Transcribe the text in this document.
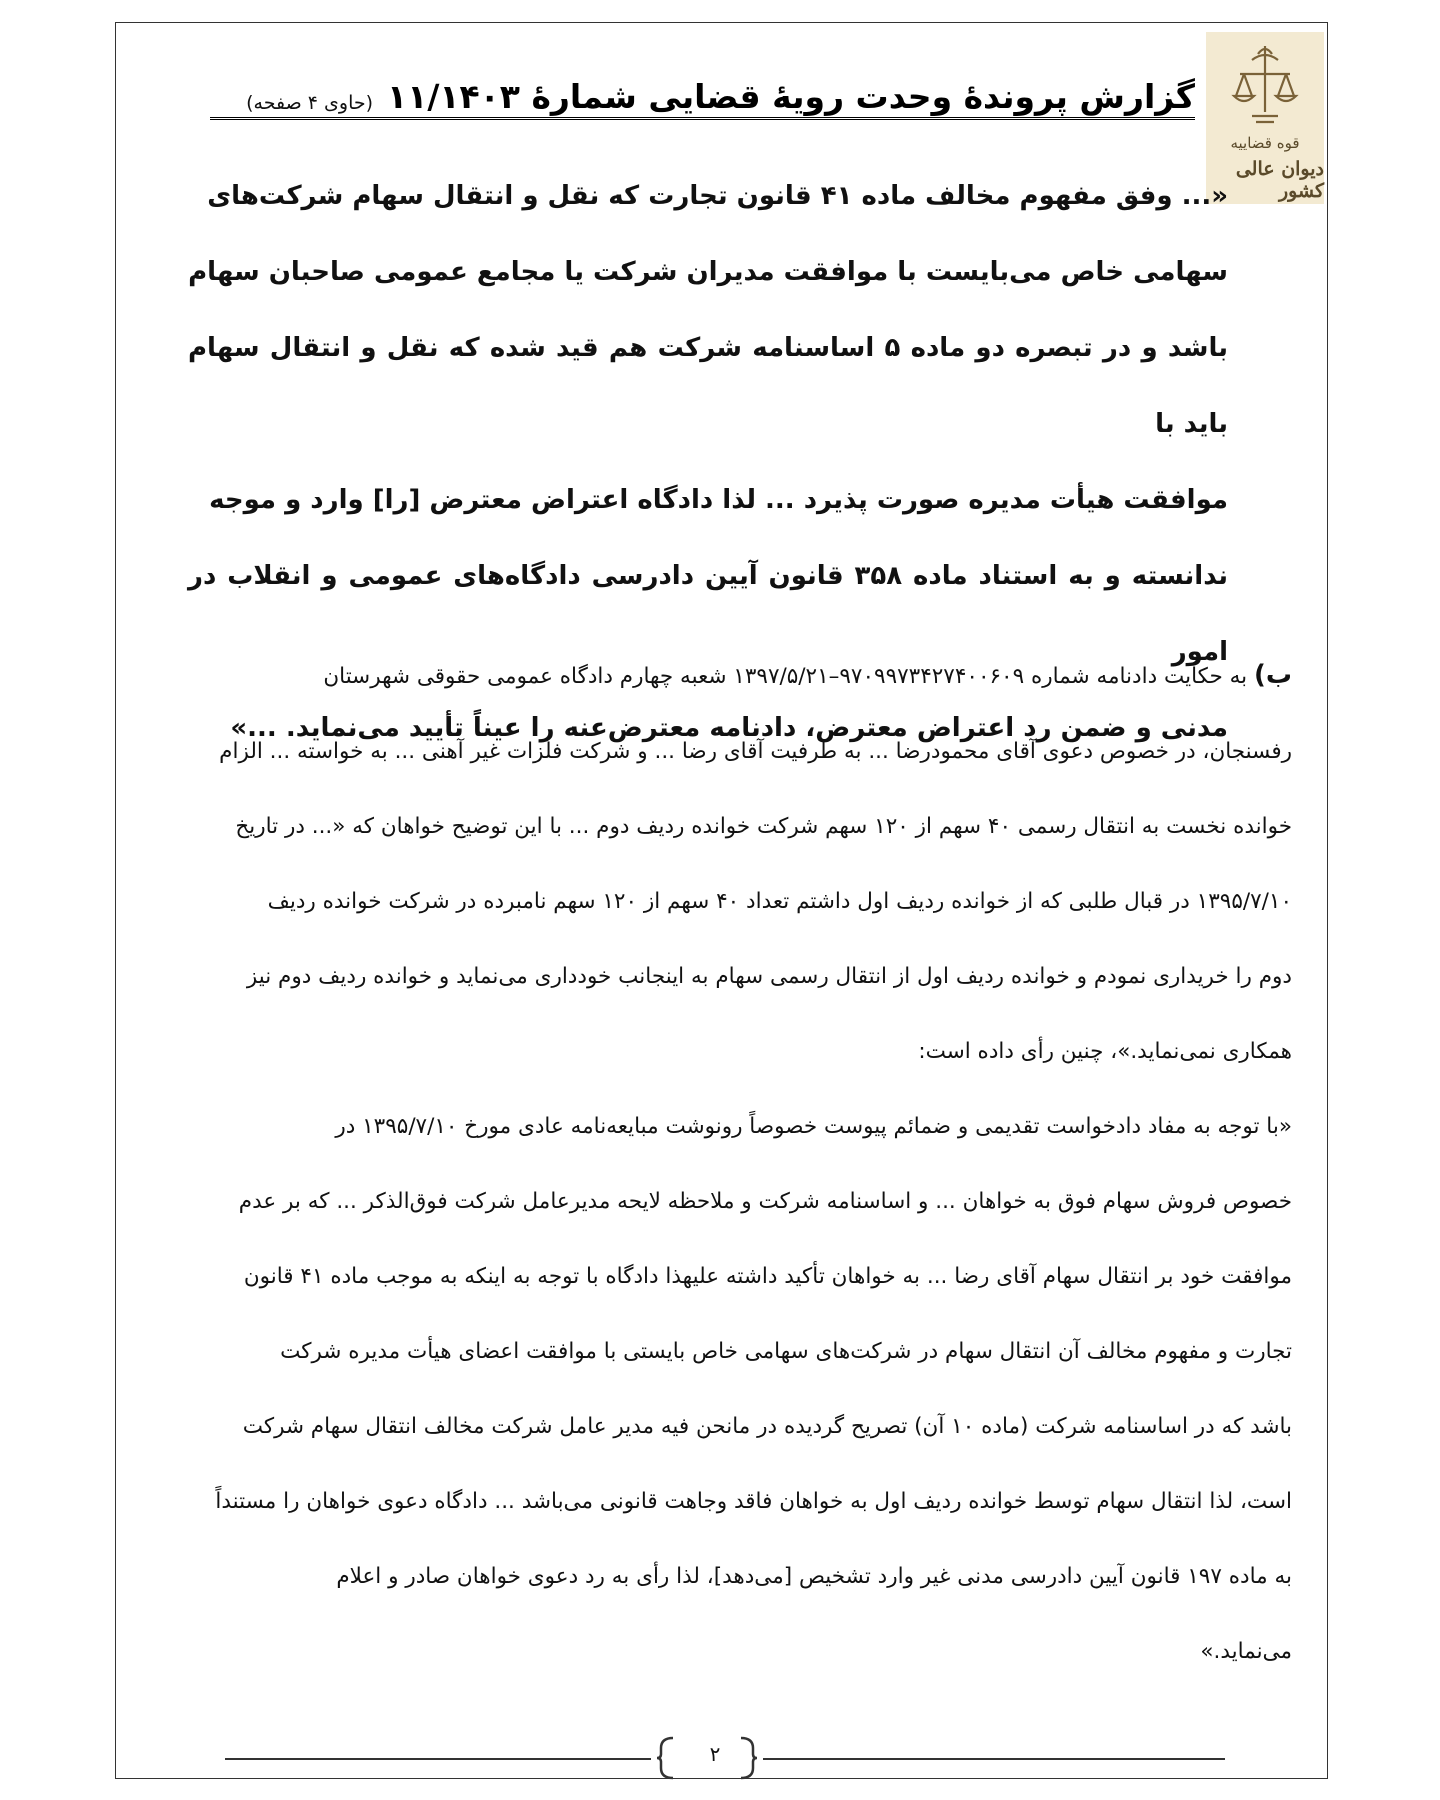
قوه قضاییه
دیوان عالی کشور
گزارش پروندۀ وحدت رویۀ قضایی شمارۀ ۱۱/۱۴۰۳
(حاوی ۴ صفحه)
«... وفق مفهوم مخالف ماده ۴۱ قانون تجارت که نقل و انتقال سهام شرکت‌های
سهامی خاص می‌بایست با موافقت مدیران شرکت یا مجامع عمومی صاحبان سهام
باشد و در تبصره دو ماده ۵ اساسنامه شرکت هم قید شده که نقل و انتقال سهام باید با
موافقت هیأت مدیره صورت پذیرد ... لذا دادگاه اعتراض معترض [را] وارد و موجه
ندانسته و به استناد ماده ۳۵۸ قانون آیین دادرسی دادگاه‌های عمومی و انقلاب در امور
مدنی و ضمن رد اعتراض معترض، دادنامه معترض‌عنه را عیناً تأیید می‌نماید. ...»
ب) به حکایت دادنامه شماره ۹۷۰۹۹۷۳۴۲۷۴۰۰۶۰۹–۱۳۹۷/۵/۲۱ شعبه چهارم دادگاه عمومی حقوقی شهرستان
رفسنجان، در خصوص دعوی آقای محمودرضا ... به طرفیت آقای رضا ... و شرکت فلزات غیر آهنی ... به خواسته ... الزام
خوانده نخست به انتقال رسمی ۴۰ سهم از ۱۲۰ سهم شرکت خوانده ردیف دوم ... با این توضیح خواهان که «... در تاریخ
۱۳۹۵/۷/۱۰ در قبال طلبی که از خوانده ردیف اول داشتم تعداد ۴۰ سهم از ۱۲۰ سهم نامبرده در شرکت خوانده ردیف
دوم را خریداری نمودم و خوانده ردیف اول از انتقال رسمی سهام به اینجانب خودداری می‌نماید و خوانده ردیف دوم نیز
همکاری نمی‌نماید.»، چنین رأی داده است:
«با توجه به مفاد دادخواست تقدیمی و ضمائم پیوست خصوصاً رونوشت مبایعه‌نامه عادی مورخ ۱۳۹۵/۷/۱۰ در
خصوص فروش سهام فوق به خواهان ... و اساسنامه شرکت و ملاحظه لایحه مدیرعامل شرکت فوق‌الذکر ... که بر عدم
موافقت خود بر انتقال سهام آقای رضا ... به خواهان تأکید داشته علیهذا دادگاه با توجه به اینکه به موجب ماده ۴۱ قانون
تجارت و مفهوم مخالف آن انتقال سهام در شرکت‌های سهامی خاص بایستی با موافقت اعضای هیأت مدیره شرکت
باشد که در اساسنامه شرکت (ماده ۱۰ آن) تصریح گردیده در مانحن فیه مدیر عامل شرکت مخالف انتقال سهام شرکت
است، لذا انتقال سهام توسط خوانده ردیف اول به خواهان فاقد وجاهت قانونی می‌باشد ... دادگاه دعوی خواهان را مستنداً
به ماده ۱۹۷ قانون آیین دادرسی مدنی غیر وارد تشخیص [می‌دهد]، لذا رأی به رد دعوی خواهان صادر و اعلام
می‌نماید.»
۲
